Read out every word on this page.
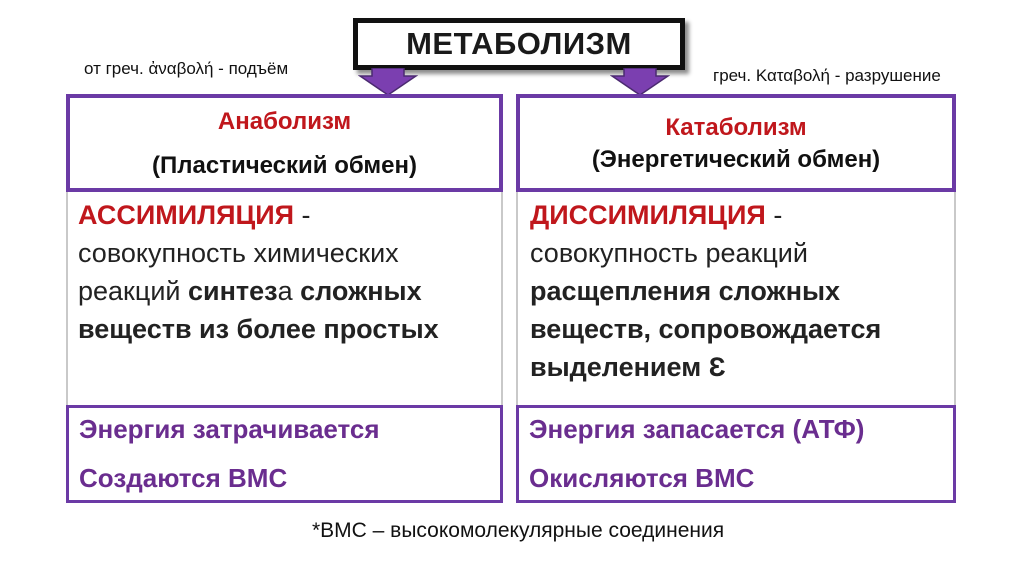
МЕТАБОЛИЗМ
от греч. ἀναβολή - подъём	греч. Καταβολή - разрушение
Анаболизм
(Пластический обмен)
Катаболизм
(Энергетический обмен)
АССИМИЛЯЦИЯ -
совокупность химических
реакций синтеза сложных
веществ из более простых
ДИССИМИЛЯЦИЯ -
совокупность реакций
расщепления сложных
веществ, сопровождается
выделением Ɛ
Энергия затрачивается
Создаются ВМС
Энергия запасается (АТФ)
Окисляются ВМС
*ВМС – высокомолекулярные соединения
